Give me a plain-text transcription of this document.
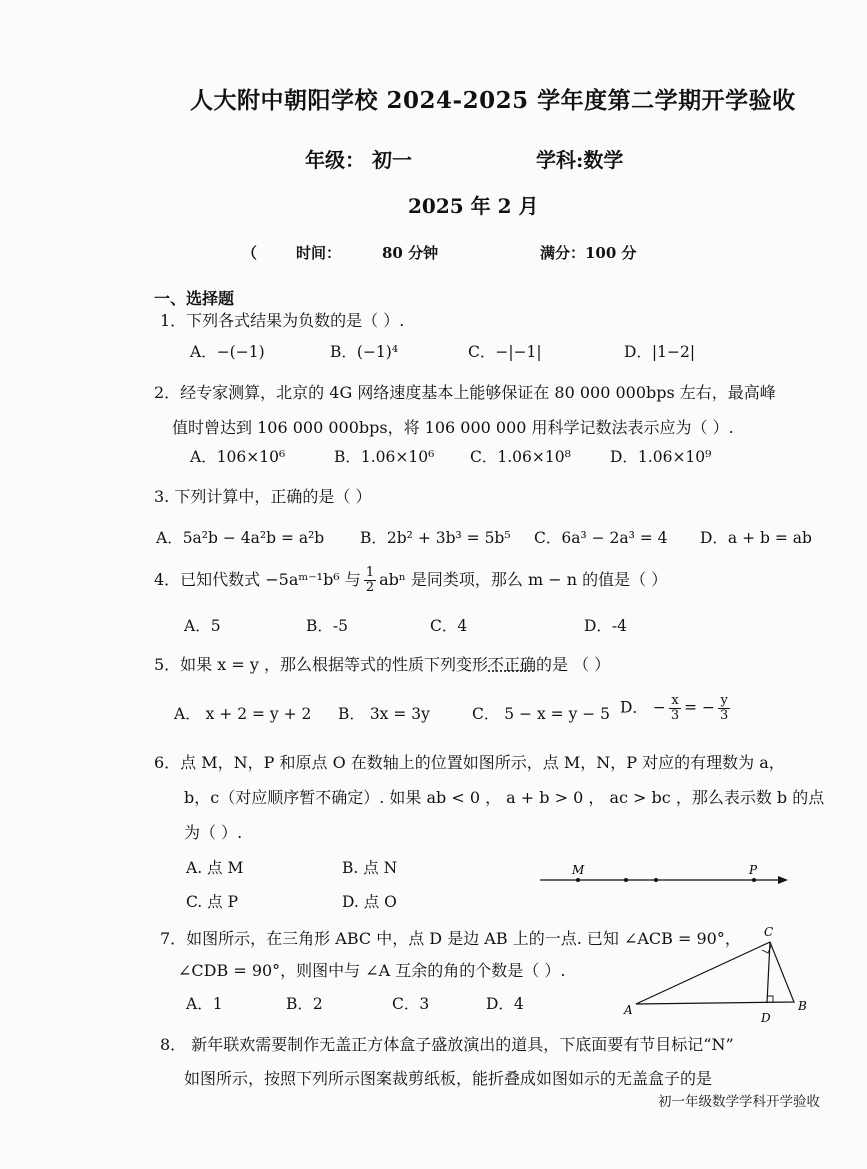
人大附中朝阳学校 2024-2025 学年度第二学期开学验收
年级： 初一	学科:数学
2025 年 2 月
（	时间：	80 分钟	满分：100 分
一、选择题
1．下列各式结果为负数的是（ ）.
A．−(−1)	B．(−1)⁴	C．−|−1|	D．|1−2|
2．经专家测算，北京的 4G 网络速度基本上能够保证在 80 000 000bps 左右，最高峰
值时曾达到 106 000 000bps，将 106 000 000 用科学记数法表示应为（ ）.
A．106×10⁶	B．1.06×10⁶ C．1.06×10⁸	D．1.06×10⁹
3. 下列计算中，正确的是（ ）
A．5a²b − 4a²b = a²b B．2b² + 3b³ = 5b⁵ C．6a³ − 2a³ = 4 D．a + b = ab
4．已知代数式 −5aᵐ⁻¹b⁶ 与 $\frac{1}{2}$ abⁿ 是同类项，那么 m − n 的值是（ ）
A．5	B．-5	C．4	D．-4
5．如果 x = y ，那么根据等式的性质下列变形不正确的是 （ ）
A． x + 2 = y + 2 B． 3x = 3y	C． 5 − x = y − 5 D． − $\frac{x}{3}$ = − $\frac{y}{3}$
6．点 M，N，P 和原点 O 在数轴上的位置如图所示，点 M，N，P 对应的有理数为 a，
b，c（对应顺序暂不确定）. 如果 ab < 0 ， a + b > 0 ， ac > bc ，那么表示数 b 的点
为（ ）.
A. 点 M	B. 点 N
C. 点 P	D. 点 O
M	P
7．如图所示，在三角形 ABC 中，点 D 是边 AB 上的一点. 已知 ∠ACB = 90°，
∠CDB = 90°，则图中与 ∠A 互余的角的个数是（ ）.
A．1	B．2	C．3	D．4	A	B
C
D
8． 新年联欢需要制作无盖正方体盒子盛放演出的道具，下底面要有节目标记“N”
如图所示，按照下列所示图案裁剪纸板，能折叠成如图如示的无盖盒子的是
初一年级数学学科开学验收
